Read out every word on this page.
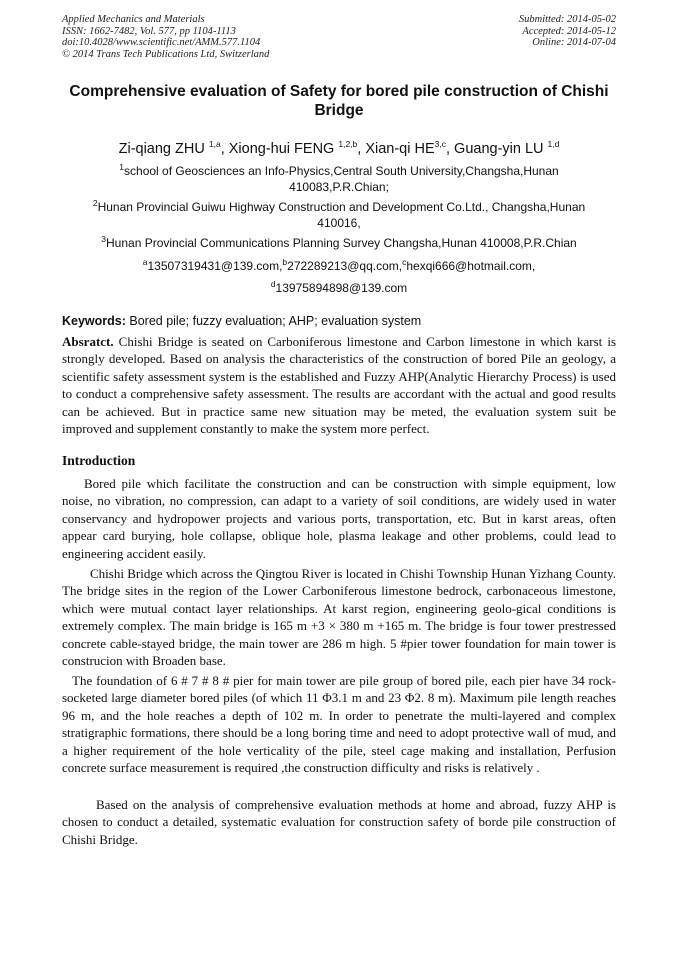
Applied Mechanics and Materials
ISSN: 1662-7482, Vol. 577, pp 1104-1113
doi:10.4028/www.scientific.net/AMM.577.1104
© 2014 Trans Tech Publications Ltd, Switzerland
Submitted: 2014-05-02
Accepted: 2014-05-12
Online: 2014-07-04
Comprehensive evaluation of Safety for bored pile construction of Chishi Bridge
Zi-qiang ZHU $^{1,a}$, Xiong-hui FENG $^{1,2,b}$, Xian-qi HE$^{3,c}$, Guang-yin LU $^{1,d}$
$^1$school of Geosciences an Info-Physics,Central South University,Changsha,Hunan 410083,P.R.Chian;
$^2$Hunan Provincial Guiwu Highway Construction and Development Co.Ltd., Changsha,Hunan 410016,
$^3$Hunan Provincial Communications Planning Survey Changsha,Hunan 410008,P.R.Chian
$^a$13507319431@139.com,$^b$272289213@qq.com,$^c$hexqi666@hotmail.com,
$^d$13975894898@139.com
Keywords: Bored pile; fuzzy evaluation; AHP; evaluation system
Absratct. Chishi Bridge is seated on Carboniferous limestone and Carbon limestone in which karst is strongly developed. Based on analysis the characteristics of the construction of bored Pile an geology, a scientific safety assessment system is the established and Fuzzy AHP(Analytic Hierarchy Process) is used to conduct a comprehensive safety assessment. The results are accordant with the actual and good results can be achieved. But in practice same new situation may be meted, the evaluation system suit be improved and supplement constantly to make the system more perfect.
Introduction
Bored pile which facilitate the construction and can be construction with simple equipment, low noise, no vibration, no compression, can adapt to a variety of soil conditions, are widely used in water conservancy and hydropower projects and various ports, transportation, etc. But in karst areas, often appear card burying, hole collapse, oblique hole, plasma leakage and other problems, could lead to engineering accident easily.
Chishi Bridge which across the Qingtou River is located in Chishi Township Hunan Yizhang County. The bridge sites in the region of the Lower Carboniferous limestone bedrock, carbonaceous limestone, which were mutual contact layer relationships. At karst region, engineering geolo-gical conditions is extremely complex. The main bridge is 165 m +3 × 380 m +165 m. The bridge is four tower prestressed concrete cable-stayed bridge, the main tower are 286 m high. 5 #pier tower foundation for main tower is construcion with Broaden base.
The foundation of 6 # 7 # 8 # pier for main tower are pile group of bored pile, each pier have 34 rock-socketed large diameter bored piles (of which 11 Φ3.1 m and 23 Φ2. 8 m). Maximum pile length reaches 96 m, and the hole reaches a depth of 102 m. In order to penetrate the multi-layered and complex stratigraphic formations, there should be a long boring time and need to adopt protective wall of mud, and a higher requirement of the hole verticality of the pile, steel cage making and installation, Perfusion concrete surface measurement is required ,the construction difficulty and risks is relatively .
Based on the analysis of comprehensive evaluation methods at home and abroad, fuzzy AHP is chosen to conduct a detailed, systematic evaluation for construction safety of borde pile construction of Chishi Bridge.
